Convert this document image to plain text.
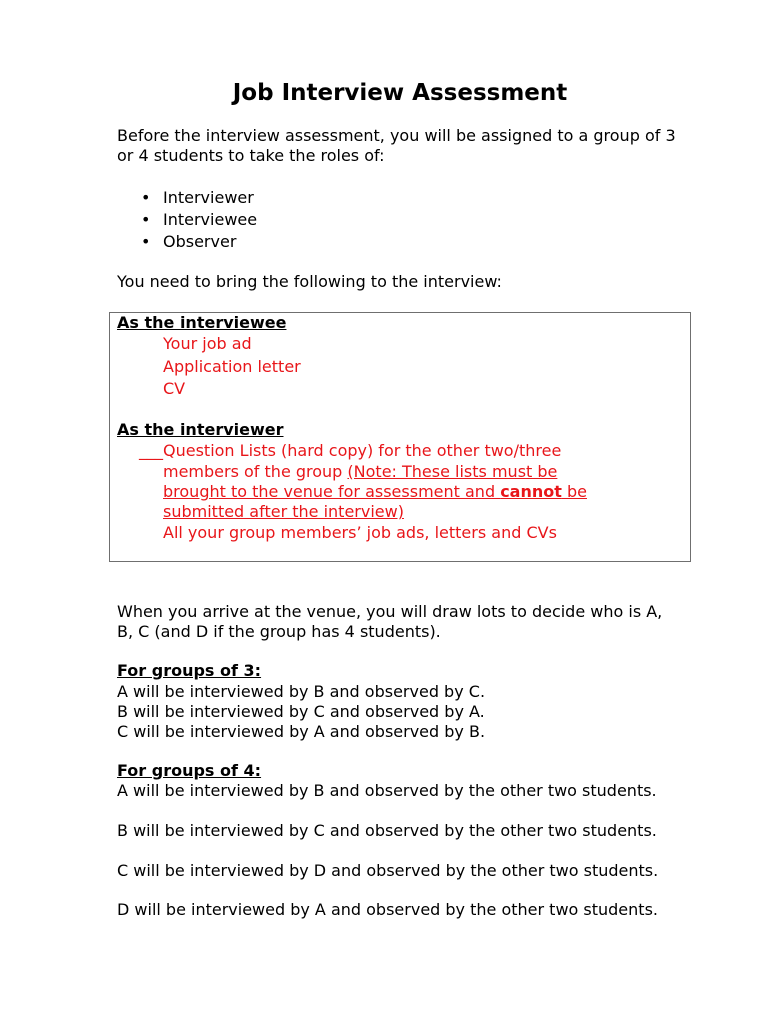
Job Interview Assessment

Before the interview assessment, you will be assigned to a group of 3 or 4 students to take the roles of:

• Interviewer
• Interviewee
• Observer

You need to bring the following to the interview:

When you arrive at the venue, you will draw lots to decide who is A, B, C (and D if the group has 4 students).

For groups of 3:

A will be interviewed by B and observed by C.

B will be interviewed by C and observed by A.

C will be interviewed by A and observed by B.

For groups of 4:

A will be interviewed by B and observed by the other two students.

B will be interviewed by C and observed by the other two students.

C will be interviewed by D and observed by the other two students.

D will be interviewed by A and observed by the other two students.

As the interviewee
Your job ad
Application letter
CV
As the interviewer
___Question Lists (hard copy) for the other two/three
members of the group (Note: These lists must be
brought to the venue for assessment and cannot be
submitted after the interview)
All your group members’ job ads, letters and CVs
